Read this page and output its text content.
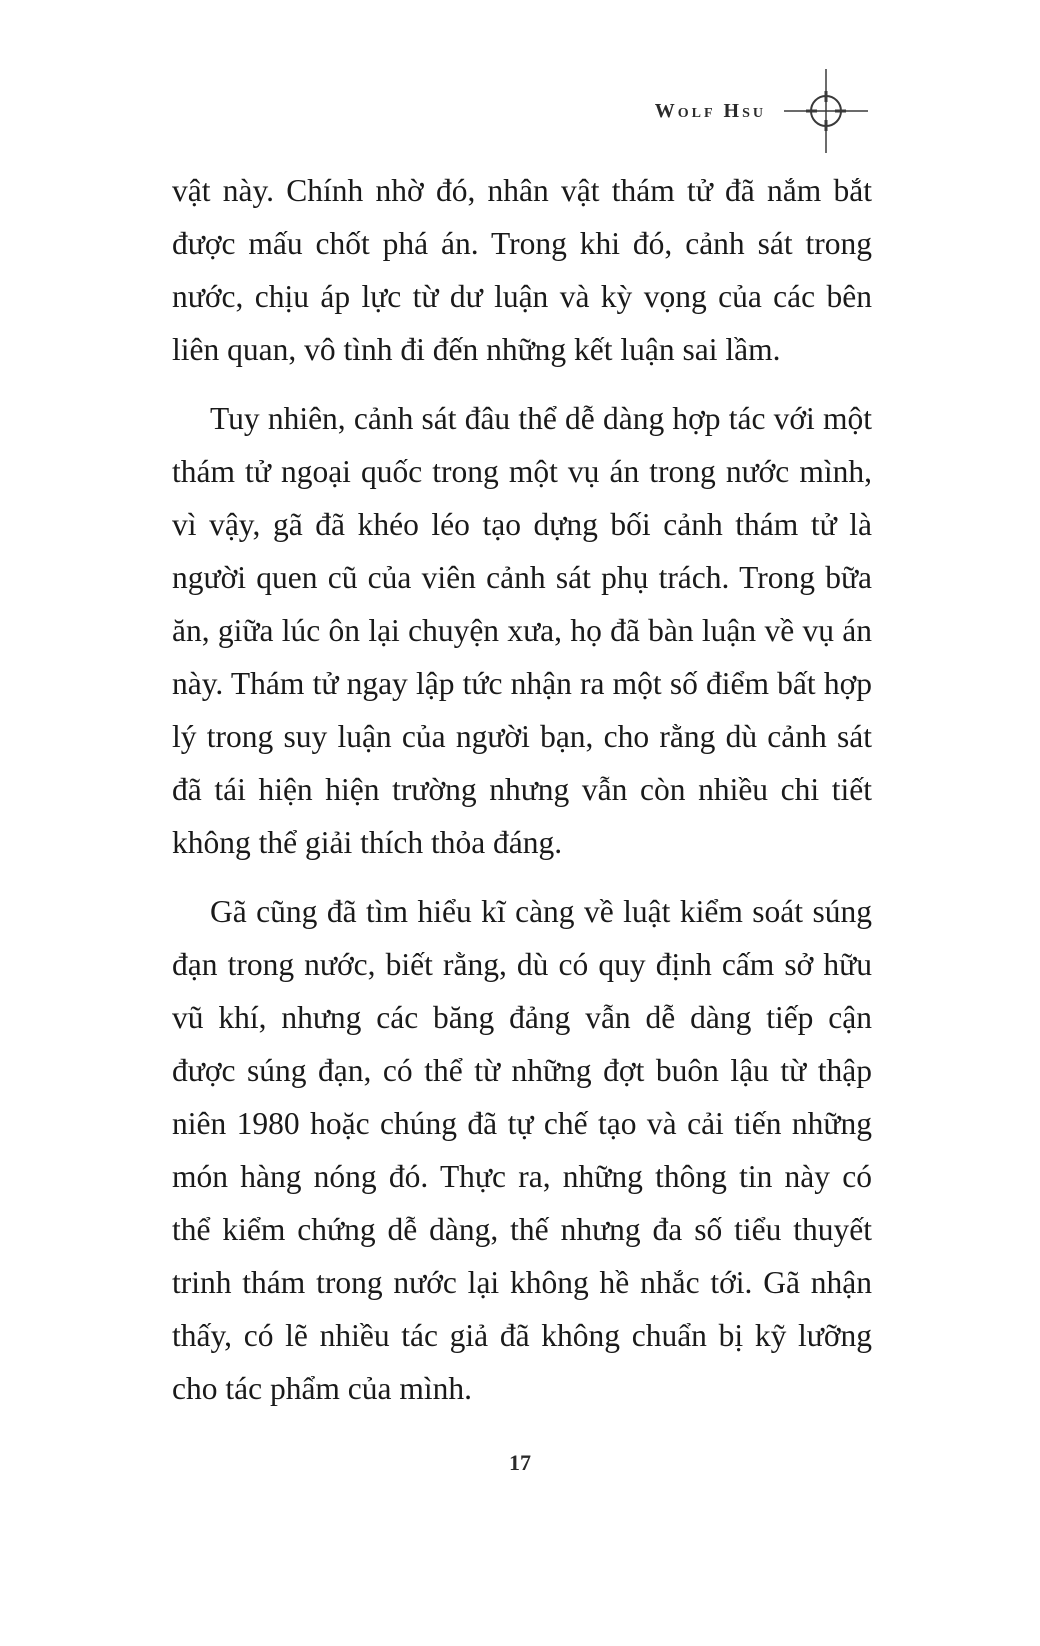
Wolf Hsu

vật này. Chính nhờ đó, nhân vật thám tử đã nắm bắt được mấu chốt phá án. Trong khi đó, cảnh sát trong nước, chịu áp lực từ dư luận và kỳ vọng của các bên liên quan, vô tình đi đến những kết luận sai lầm.

Tuy nhiên, cảnh sát đâu thể dễ dàng hợp tác với một thám tử ngoại quốc trong một vụ án trong nước mình, vì vậy, gã đã khéo léo tạo dựng bối cảnh thám tử là người quen cũ của viên cảnh sát phụ trách. Trong bữa ăn, giữa lúc ôn lại chuyện xưa, họ đã bàn luận về vụ án này. Thám tử ngay lập tức nhận ra một số điểm bất hợp lý trong suy luận của người bạn, cho rằng dù cảnh sát đã tái hiện hiện trường nhưng vẫn còn nhiều chi tiết không thể giải thích thỏa đáng.

Gã cũng đã tìm hiểu kĩ càng về luật kiểm soát súng đạn trong nước, biết rằng, dù có quy định cấm sở hữu vũ khí, nhưng các băng đảng vẫn dễ dàng tiếp cận được súng đạn, có thể từ những đợt buôn lậu từ thập niên 1980 hoặc chúng đã tự chế tạo và cải tiến những món hàng nóng đó. Thực ra, những thông tin này có thể kiểm chứng dễ dàng, thế nhưng đa số tiểu thuyết trinh thám trong nước lại không hề nhắc tới. Gã nhận thấy, có lẽ nhiều tác giả đã không chuẩn bị kỹ lưỡng cho tác phẩm của mình.

17
